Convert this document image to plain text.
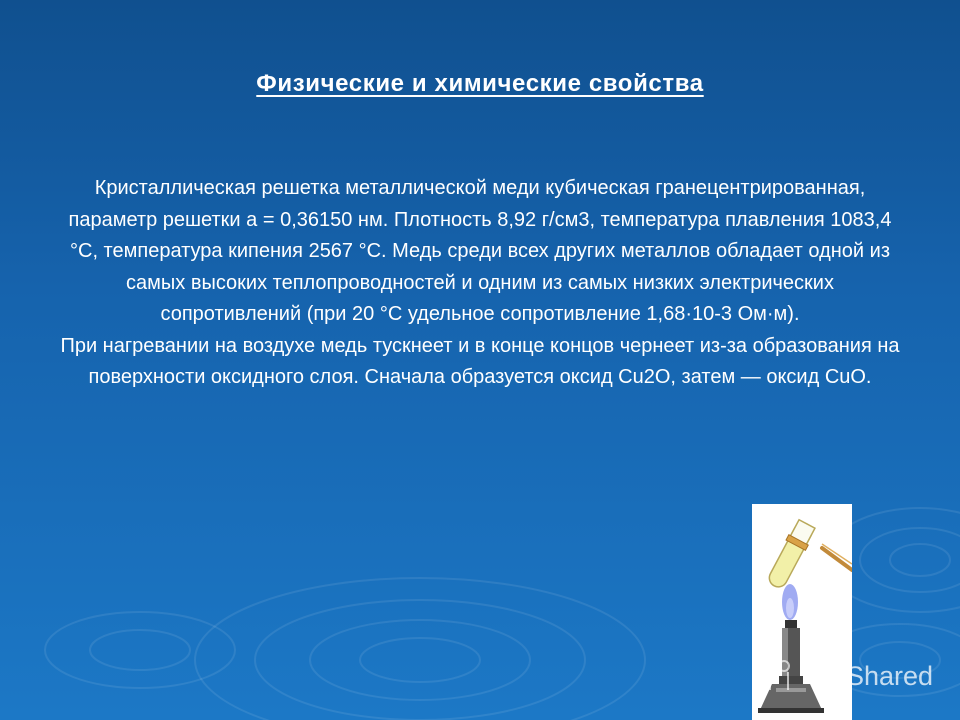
Физические и химические свойства
Кристаллическая решетка металлической меди кубическая гранецентрированная, параметр решетки a = 0,36150 нм. Плотность 8,92 г/см3, температура плавления 1083,4 °С, температура кипения 2567 °С. Медь среди всех других металлов обладает одной из самых высоких теплопроводностей и одним из самых низких электрических сопротивлений (при 20 °С удельное сопротивление 1,68·10-3 Ом·м).
При нагревании на воздухе медь тускнеет и в конце концов чернеет из-за образования на поверхности оксидного слоя. Сначала образуется оксид Cu2O, затем — оксид CuO.
Shared
